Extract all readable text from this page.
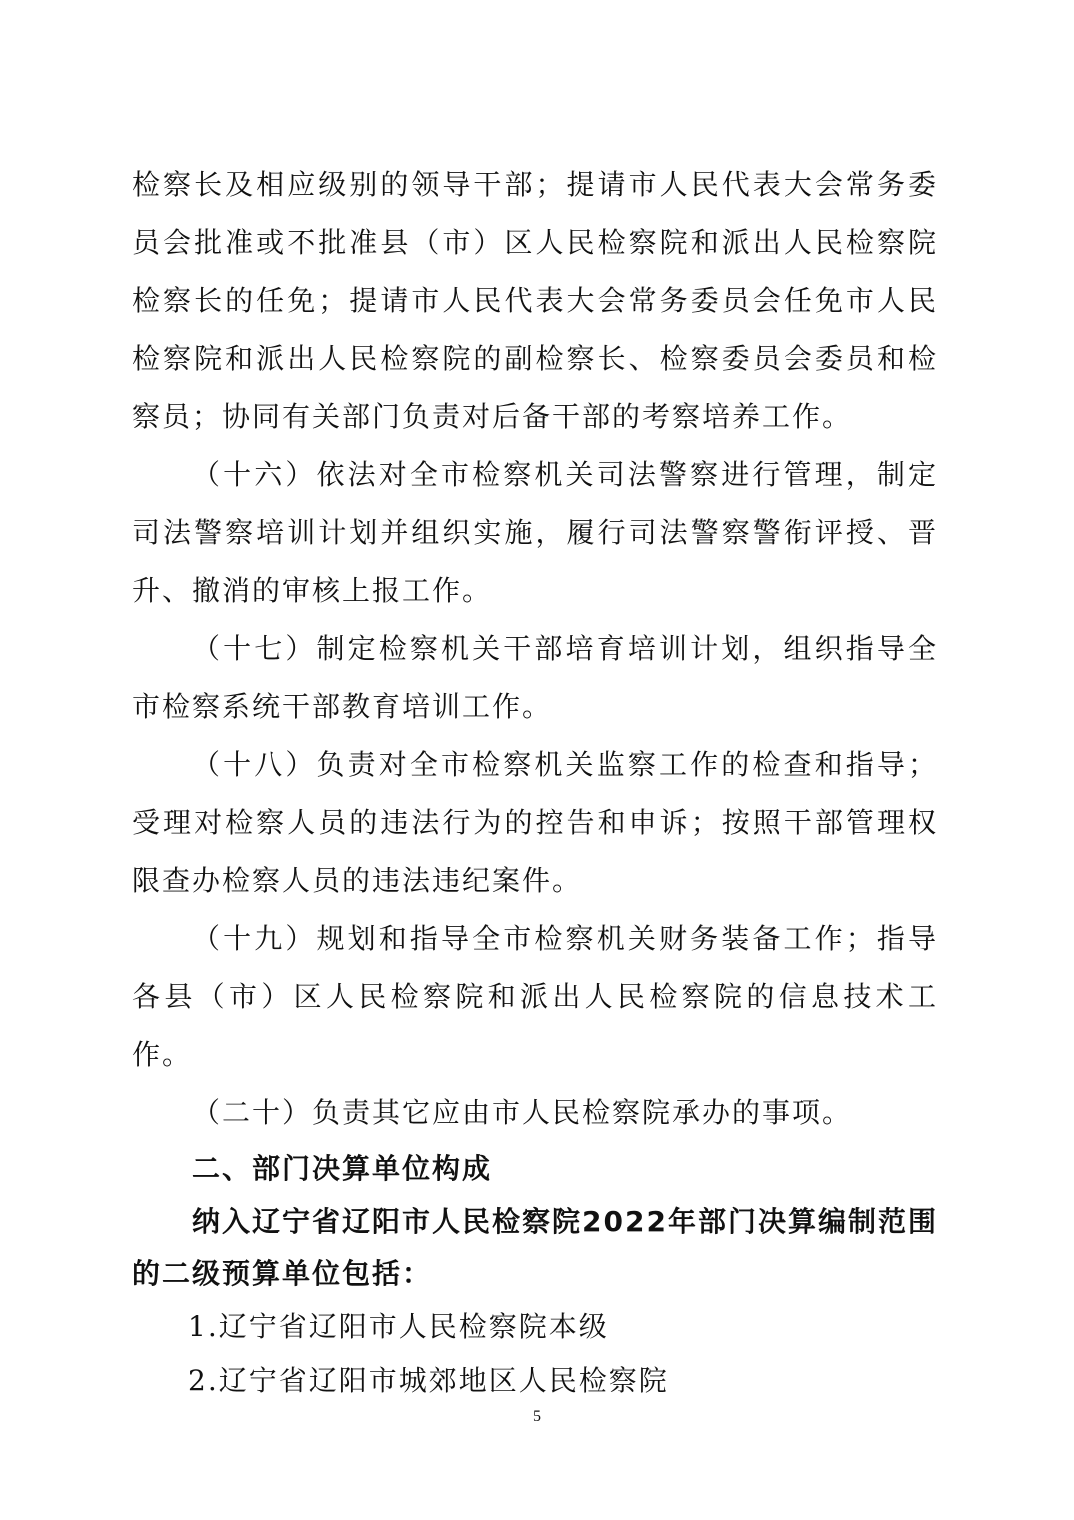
检察长及相应级别的领导干部；提请市人民代表大会常务委员会批准或不批准县（市）区人民检察院和派出人民检察院检察长的任免；提请市人民代表大会常务委员会任免市人民检察院和派出人民检察院的副检察长、检察委员会委员和检察员；协同有关部门负责对后备干部的考察培养工作。

（十六）依法对全市检察机关司法警察进行管理，制定司法警察培训计划并组织实施，履行司法警察警衔评授、晋升、撤消的审核上报工作。

（十七）制定检察机关干部培育培训计划，组织指导全市检察系统干部教育培训工作。

（十八）负责对全市检察机关监察工作的检查和指导；受理对检察人员的违法行为的控告和申诉；按照干部管理权限查办检察人员的违法违纪案件。

（十九）规划和指导全市检察机关财务装备工作；指导各县（市）区人民检察院和派出人民检察院的信息技术工作。

（二十）负责其它应由市人民检察院承办的事项。

二、部门决算单位构成

纳入辽宁省辽阳市人民检察院2022年部门决算编制范围的二级预算单位包括：

1.辽宁省辽阳市人民检察院本级

2.辽宁省辽阳市城郊地区人民检察院

5
